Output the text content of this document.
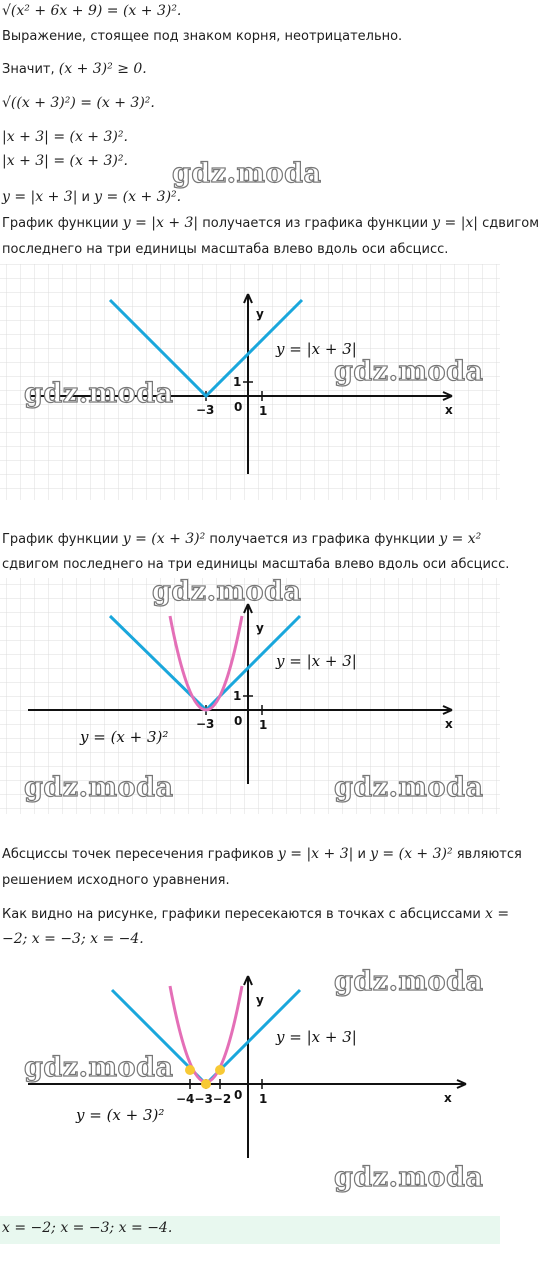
√(x² + 6x + 9) = (x + 3)².
Выражение, стоящее под знаком корня, неотрицательно.
Значит, (x + 3)² ≥ 0.
√((x + 3)²) = (x + 3)².
|x + 3| = (x + 3)².
|x + 3| = (x + 3)².
y = |x + 3| и y = (x + 3)².
gdz.moda
График функции y = |x + 3| получается из графика функции y = |x| сдвигом
последнего на три единицы масштаба влево вдоль оси абсцисс.
x
y
0 1
1
−3
y = |x + 3|
gdz.moda
gdz.moda
График функции y = (x + 3)² получается из графика функции y = x²
сдвигом последнего на три единицы масштаба влево вдоль оси абсцисс.
x
y
0 1
1
−3
y = |x + 3|
y = (x + 3)²
gdz.moda
gdz.moda	gdz.moda
Абсциссы точек пересечения графиков y = |x + 3| и y = (x + 3)² являются
решением исходного уравнения.
Как видно на рисунке, графики пересекаются в точках с абсциссами x =
−2; x = −3; x = −4.
x
y
0 1
−4−3−2
y = |x + 3|
y = (x + 3)²
gdz.moda
gdz.moda
gdz.moda
x = −2; x = −3; x = −4.
